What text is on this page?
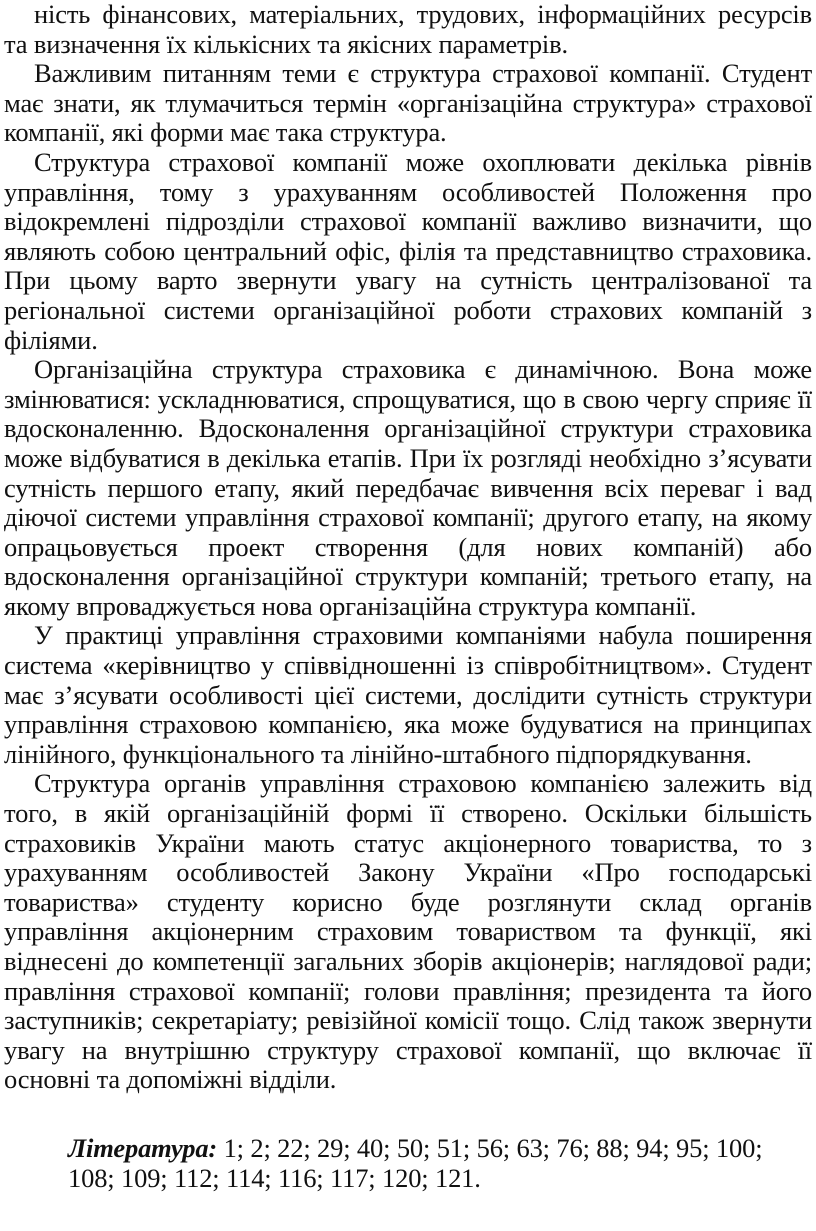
ність фінансових, матеріальних, трудових, інформаційних ресурсів та визначення їх кількісних та якісних параметрів.

Важливим питанням теми є структура страхової компанії. Студент має знати, як тлумачиться термін «організаційна структура» страхової компанії, які форми має така структура.

Структура страхової компанії може охоплювати декілька рівнів управління, тому з урахуванням особливостей Положення про відокремлені підрозділи страхової компанії важливо визначити, що являють собою центральний офіс, філія та представництво страховика. При цьому варто звернути увагу на сутність централізованої та регіональної системи організаційної роботи страхових компаній з філіями.

Організаційна структура страховика є динамічною. Вона може змінюватися: ускладнюватися, спрощуватися, що в свою чергу сприяє її вдосконаленню. Вдосконалення організаційної структури страховика може відбуватися в декілька етапів. При їх розгляді необхідно з’ясувати сутність першого етапу, який передбачає вивчення всіх переваг і вад діючої системи управління страхової компанії; другого етапу, на якому опрацьовується проект створення (для нових компаній) або вдосконалення організаційної структури компаній; третього етапу, на якому впроваджується нова організаційна структура компанії.

У практиці управління страховими компаніями набула поширення система «керівництво у співвідношенні із співробітництвом». Студент має з’ясувати особливості цієї системи, дослідити сутність структури управління страховою компанією, яка може будуватися на принципах лінійного, функціонального та лінійно-штабного підпорядкування.

Структура органів управління страховою компанією залежить від того, в якій організаційній формі її створено. Оскільки більшість страховиків України мають статус акціонерного товариства, то з урахуванням особливостей Закону України «Про господарські товариства» студенту корисно буде розглянути склад органів управління акціонерним страховим товариством та функції, які віднесені до компетенції загальних зборів акціонерів; наглядової ради; правління страхової компанії; голови правління; президента та його заступників; секретаріату; ревізійної комісії тощо. Слід також звернути увагу на внутрішню структуру страхової компанії, що включає її основні та допоміжні відділи.

Література: 1; 2; 22; 29; 40; 50; 51; 56; 63; 76; 88; 94; 95; 100; 108; 109; 112; 114; 116; 117; 120; 121.
